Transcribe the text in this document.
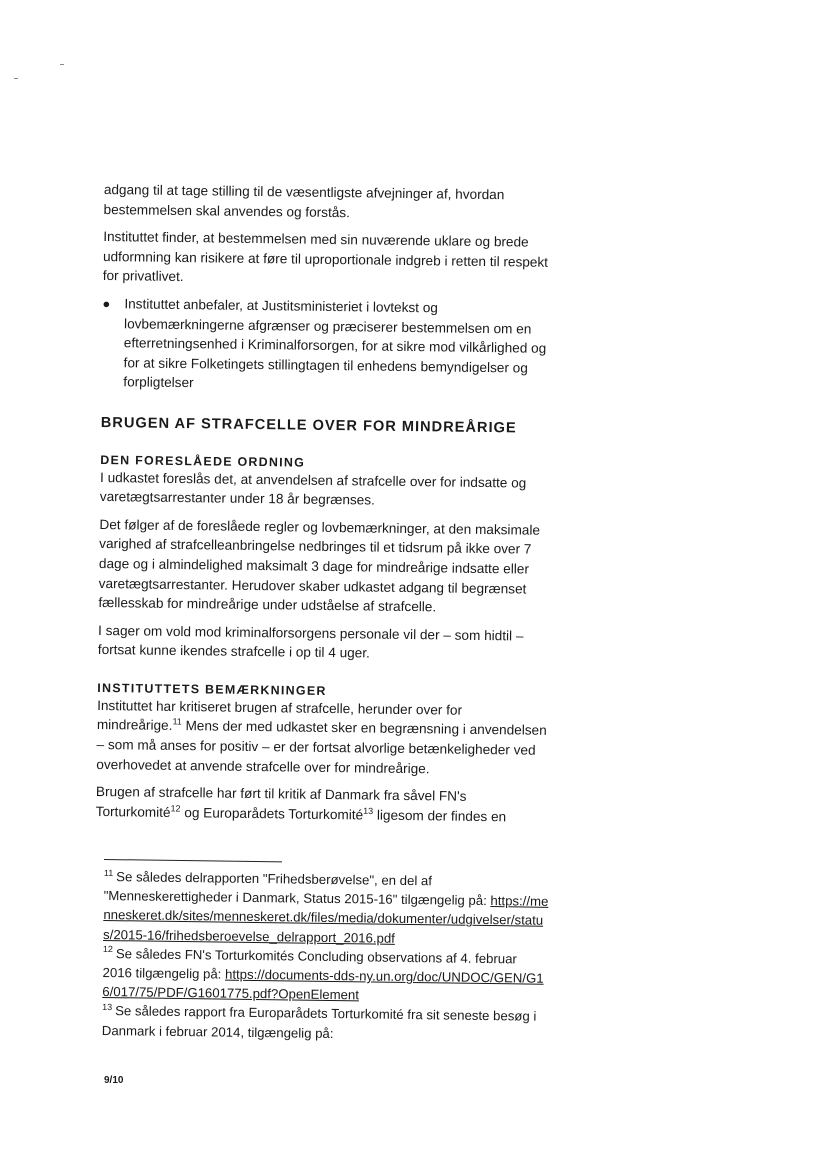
adgang til at tage stilling til de væsentligste afvejninger af, hvordan bestemmelsen skal anvendes og forstås.

Instituttet finder, at bestemmelsen med sin nuværende uklare og brede udformning kan risikere at føre til uproportionale indgreb i retten til respekt for privatlivet.

●	Instituttet anbefaler, at Justitsministeriet i lovtekst og lovbemærkningerne afgrænser og præciserer bestemmelsen om en efterretningsenhed i Kriminalforsorgen, for at sikre mod vilkårlighed og for at sikre Folketingets stillingtagen til enhedens bemyndigelser og forpligtelser
BRUGEN AF STRAFCELLE OVER FOR MINDREÅRIGE
DEN FORESLÅEDE ORDNING

I udkastet foreslås det, at anvendelsen af strafcelle over for indsatte og varetægtsarrestanter under 18 år begrænses.

Det følger af de foreslåede regler og lovbemærkninger, at den maksimale varighed af strafcelleanbringelse nedbringes til et tidsrum på ikke over 7 dage og i almindelighed maksimalt 3 dage for mindreårige indsatte eller varetægtsarrestanter. Herudover skaber udkastet adgang til begrænset fællesskab for mindreårige under udståelse af strafcelle.

I sager om vold mod kriminalforsorgens personale vil der – som hidtil – fortsat kunne ikendes strafcelle i op til 4 uger.

INSTITUTTETS BEMÆRKNINGER

Instituttet har kritiseret brugen af strafcelle, herunder over for mindreårige.$^{11}$ Mens der med udkastet sker en begrænsning i anvendelsen – som må anses for positiv – er der fortsat alvorlige betænkeligheder ved overhovedet at anvende strafcelle over for mindreårige.

Brugen af strafcelle har ført til kritik af Danmark fra såvel FN's Torturkomité$^{12}$ og Europarådets Torturkomité$^{13}$ ligesom der findes en

$^{11}$ Se således delrapporten "Frihedsberøvelse", en del af "Menneskerettigheder i Danmark, Status 2015-16" tilgængelig på: https://menneskeret.dk/sites/menneskeret.dk/files/media/dokumenter/udgivelser/status/2015-16/frihedsberoevelse_delrapport_2016.pdf

$^{12}$ Se således FN's Torturkomités Concluding observations af 4. februar 2016 tilgængelig på: https://documents-dds-ny.un.org/doc/UNDOC/GEN/G16/017/75/PDF/G1601775.pdf?OpenElement

$^{13}$ Se således rapport fra Europarådets Torturkomité fra sit seneste besøg i Danmark i februar 2014, tilgængelig på:

9/10
